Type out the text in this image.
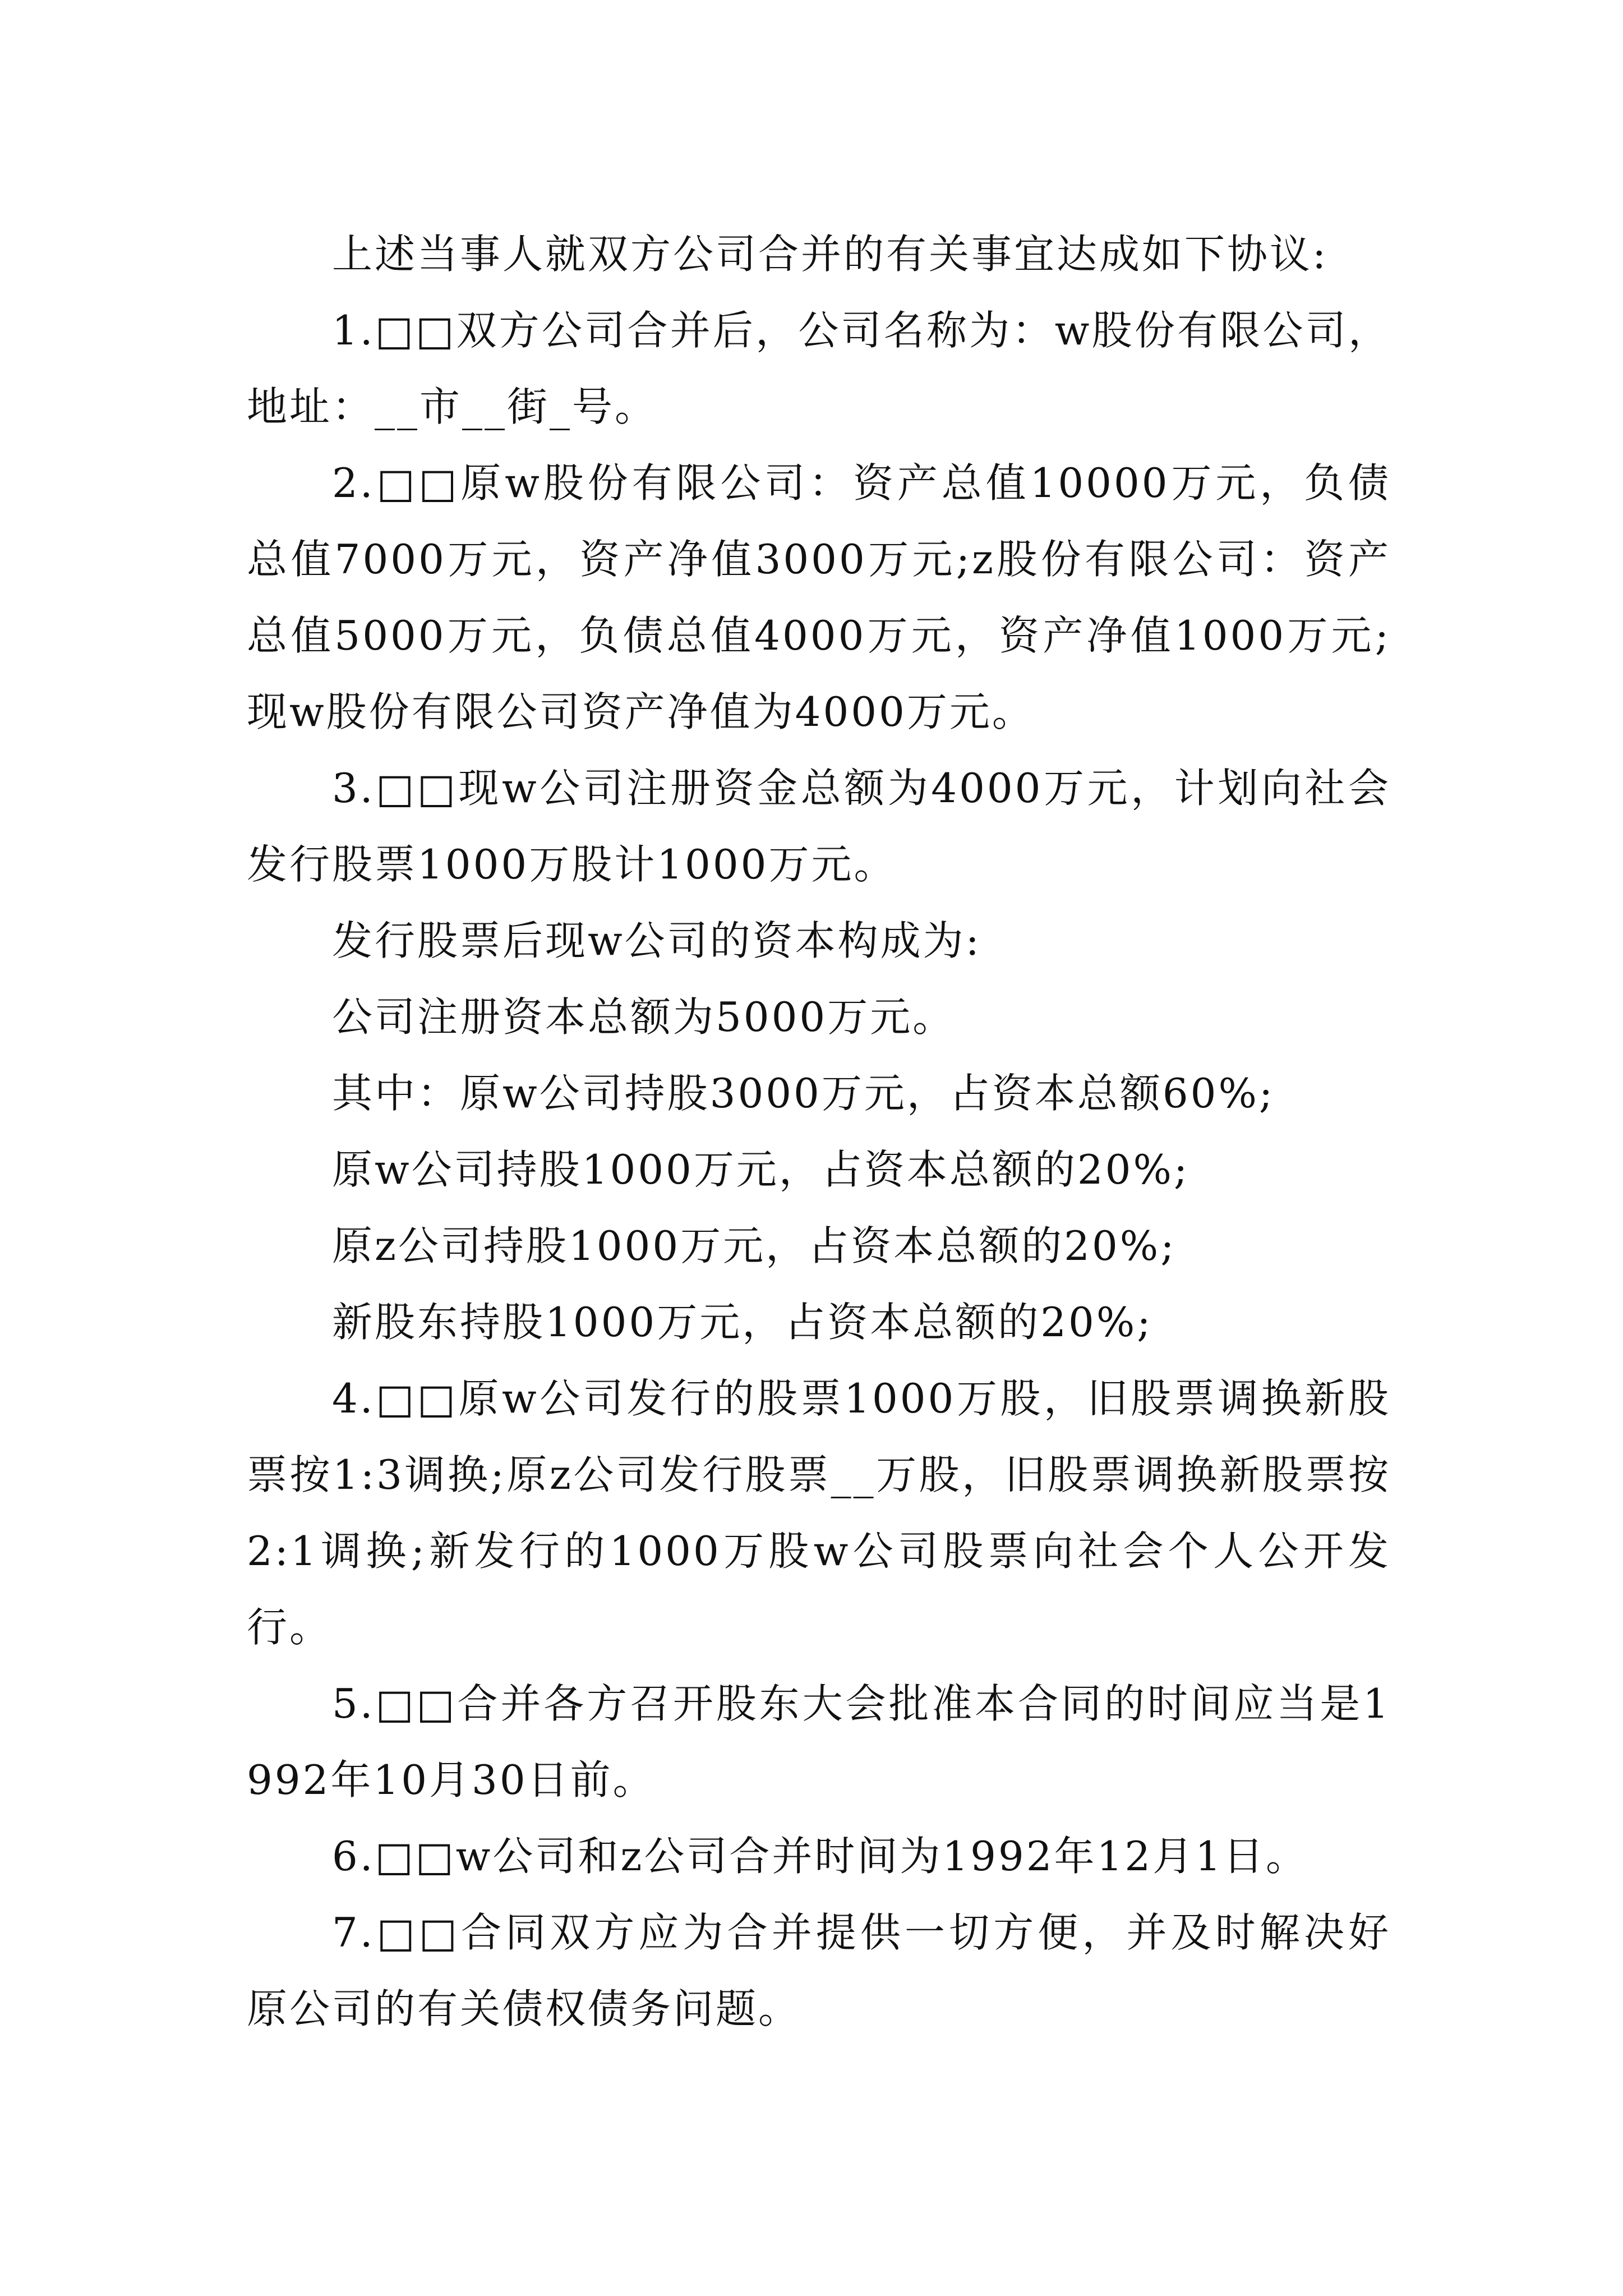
上述当事人就双方公司合并的有关事宜达成如下协议:

1.□□双方公司合并后，公司名称为：w股份有限公司，地址：__市__街_号。

2.□□原w股份有限公司：资产总值10000万元，负债总值7000万元，资产净值3000万元;z股份有限公司：资产总值5000万元，负债总值4000万元，资产净值1000万元;现w股份有限公司资产净值为4000万元。

3.□□现w公司注册资金总额为4000万元，计划向社会发行股票1000万股计1000万元。

发行股票后现w公司的资本构成为:

公司注册资本总额为5000万元。

其中：原w公司持股3000万元，占资本总额60%;

原w公司持股1000万元，占资本总额的20%;

原z公司持股1000万元，占资本总额的20%;

新股东持股1000万元，占资本总额的20%;

4.□□原w公司发行的股票1000万股，旧股票调换新股票按1:3调换;原z公司发行股票__万股，旧股票调换新股票按2:1调换;新发行的1000万股w公司股票向社会个人公开发行。

5.□□合并各方召开股东大会批准本合同的时间应当是1992年10月30日前。

6.□□w公司和z公司合并时间为1992年12月1日。

7.□□合同双方应为合并提供一切方便，并及时解决好原公司的有关债权债务问题。
